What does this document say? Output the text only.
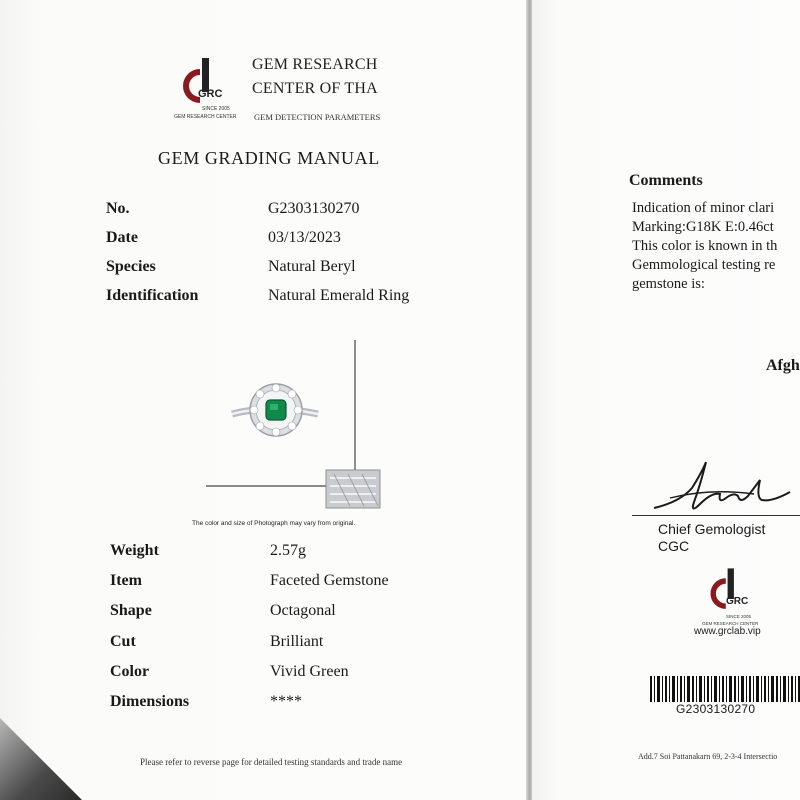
GRC
SINCE 2005
GEM RESEARCH CENTER
GEM RESEARCH
CENTER OF THA
GEM DETECTION PARAMETERS
GEM GRADING MANUAL
No.	G2303130270
Date	03/13/2023
Species	Natural Beryl
Identification	Natural Emerald Ring
The color and size of Photograph may vary from original.
Weight	2.57g
Item	Faceted Gemstone
Shape	Octagonal
Cut	Brilliant
Color	Vivid Green
Dimensions	****
Please refer to reverse page for detailed testing standards and trade name
Comments
Indication of minor clari
Marking:G18K E:0.46ct
This color is known in th
Gemmological testing re
gemstone is:
Afgh
Chief Gemologist
CGC
GRC
SINCE 2005
GEM RESEARCH CENTER
www.grclab.vip
G2303130270
Add.7 Soi Pattanakarn 69, 2-3-4 Intersectio
